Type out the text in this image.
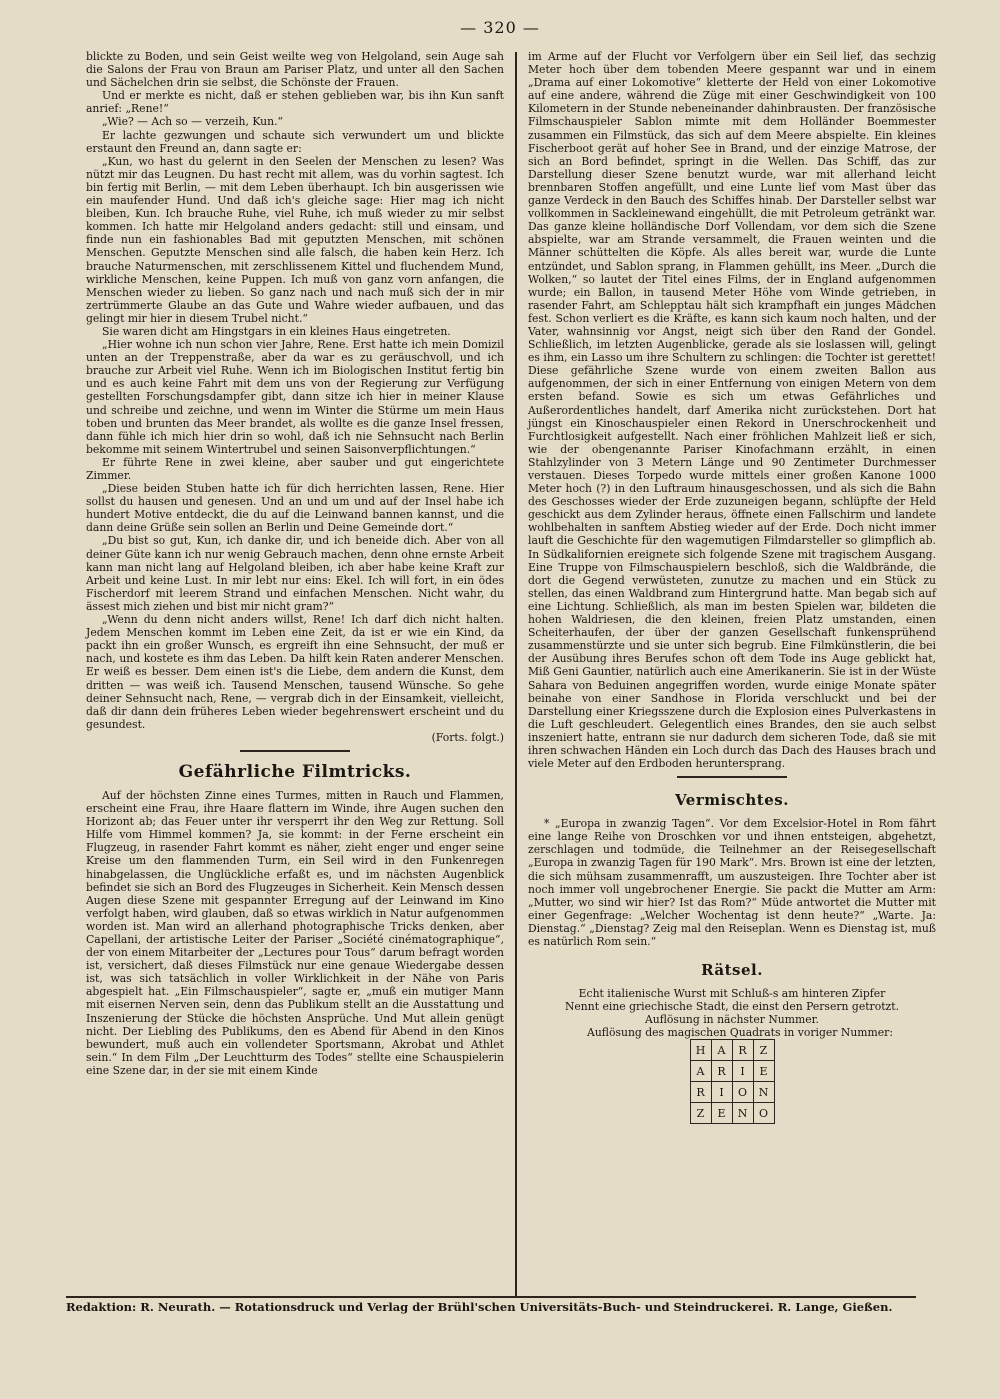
— 320 —

blickte zu Boden, und sein Geist weilte weg von Helgoland, sein Auge sah die Salons der Frau von Braun am Pariser Platz, und unter all den Sachen und Sächelchen drin sie selbst, die Schönste der Frauen.

Und er merkte es nicht, daß er stehen geblieben war, bis ihn Kun sanft anrief: „Rene!“

„Wie? — Ach so — verzeih, Kun.“

Er lachte gezwungen und schaute sich verwundert um und blickte erstaunt den Freund an, dann sagte er:

„Kun, wo hast du gelernt in den Seelen der Menschen zu lesen? Was nützt mir das Leugnen. Du hast recht mit allem, was du vorhin sagtest. Ich bin fertig mit Berlin, — mit dem Leben überhaupt. Ich bin ausgerissen wie ein maufender Hund. Und daß ich's gleiche sage: Hier mag ich nicht bleiben, Kun. Ich brauche Ruhe, viel Ruhe, ich muß wieder zu mir selbst kommen. Ich hatte mir Helgoland anders gedacht: still und einsam, und finde nun ein fashionables Bad mit geputzten Menschen, mit schönen Menschen. Geputzte Menschen sind alle falsch, die haben kein Herz. Ich brauche Naturmenschen, mit zerschlissenem Kittel und fluchendem Mund, wirkliche Menschen, keine Puppen. Ich muß von ganz vorn anfangen, die Menschen wieder zu lieben. So ganz nach und nach muß sich der in mir zertrümmerte Glaube an das Gute und Wahre wieder aufbauen, und das gelingt mir hier in diesem Trubel nicht.“

Sie waren dicht am Hingstgars in ein kleines Haus eingetreten.

„Hier wohne ich nun schon vier Jahre, Rene. Erst hatte ich mein Domizil unten an der Treppenstraße, aber da war es zu geräuschvoll, und ich brauche zur Arbeit viel Ruhe. Wenn ich im Biologischen Institut fertig bin und es auch keine Fahrt mit dem uns von der Regierung zur Verfügung gestellten Forschungsdampfer gibt, dann sitze ich hier in meiner Klause und schreibe und zeichne, und wenn im Winter die Stürme um mein Haus toben und brunten das Meer brandet, als wollte es die ganze Insel fressen, dann fühle ich mich hier drin so wohl, daß ich nie Sehnsucht nach Berlin bekomme mit seinem Wintertrubel und seinen Saisonverpflichtungen.“

Er führte Rene in zwei kleine, aber sauber und gut eingerichtete Zimmer.

„Diese beiden Stuben hatte ich für dich herrichten lassen, Rene. Hier sollst du hausen und genesen. Und an und um und auf der Insel habe ich hundert Motive entdeckt, die du auf die Leinwand bannen kannst, und die dann deine Grüße sein sollen an Berlin und Deine Gemeinde dort.“

„Du bist so gut, Kun, ich danke dir, und ich beneide dich. Aber von all deiner Güte kann ich nur wenig Gebrauch machen, denn ohne ernste Arbeit kann man nicht lang auf Helgoland bleiben, ich aber habe keine Kraft zur Arbeit und keine Lust. In mir lebt nur eins: Ekel. Ich will fort, in ein ödes Fischerdorf mit leerem Strand und einfachen Menschen. Nicht wahr, du ässest mich ziehen und bist mir nicht gram?“

„Wenn du denn nicht anders willst, Rene! Ich darf dich nicht halten. Jedem Menschen kommt im Leben eine Zeit, da ist er wie ein Kind, da packt ihn ein großer Wunsch, es ergreift ihn eine Sehnsucht, der muß er nach, und kostete es ihm das Leben. Da hilft kein Raten anderer Menschen. Er weiß es besser. Dem einen ist's die Liebe, dem andern die Kunst, dem dritten — was weiß ich. Tausend Menschen, tausend Wünsche. So gehe deiner Sehnsucht nach, Rene, — vergrab dich in der Einsamkeit, vielleicht, daß dir dann dein früheres Leben wieder begehrenswert erscheint und du gesundest.

(Forts. folgt.)

Gefährliche Filmtricks.

Auf der höchsten Zinne eines Turmes, mitten in Rauch und Flammen, erscheint eine Frau, ihre Haare flattern im Winde, ihre Augen suchen den Horizont ab; das Feuer unter ihr versperrt ihr den Weg zur Rettung. Soll Hilfe vom Himmel kommen? Ja, sie kommt: in der Ferne erscheint ein Flugzeug, in rasender Fahrt kommt es näher, zieht enger und enger seine Kreise um den flammenden Turm, ein Seil wird in den Funkenregen hinabgelassen, die Unglückliche erfaßt es, und im nächsten Augenblick befindet sie sich an Bord des Flugzeuges in Sicherheit. Kein Mensch dessen Augen diese Szene mit gespannter Erregung auf der Leinwand im Kino verfolgt haben, wird glauben, daß so etwas wirklich in Natur aufgenommen worden ist. Man wird an allerhand photographische Tricks denken, aber Capellani, der artistische Leiter der Pariser „Société cinématographique“, der von einem Mitarbeiter der „Lectures pour Tous“ darum befragt worden ist, versichert, daß dieses Filmstück nur eine genaue Wiedergabe dessen ist, was sich tatsächlich in voller Wirklichkeit in der Nähe von Paris abgespielt hat. „Ein Filmschauspieler“, sagte er, „muß ein mutiger Mann mit eisernen Nerven sein, denn das Publikum stellt an die Ausstattung und Inszenierung der Stücke die höchsten Ansprüche. Und Mut allein genügt nicht. Der Liebling des Publikums, den es Abend für Abend in den Kinos bewundert, muß auch ein vollendeter Sportsmann, Akrobat und Athlet sein.“ In dem Film „Der Leuchtturm des Todes“ stellte eine Schauspielerin eine Szene dar, in der sie mit einem Kinde

im Arme auf der Flucht vor Verfolgern über ein Seil lief, das sechzig Meter hoch über dem tobenden Meere gespannt war und in einem „Drama auf einer Lokomotive“ kletterte der Held von einer Lokomotive auf eine andere, während die Züge mit einer Geschwindigkeit von 100 Kilometern in der Stunde nebeneinander dahinbrausten. Der französische Filmschauspieler Sablon mimte mit dem Holländer Boemmester zusammen ein Filmstück, das sich auf dem Meere abspielte. Ein kleines Fischerboot gerät auf hoher See in Brand, und der einzige Matrose, der sich an Bord befindet, springt in die Wellen. Das Schiff, das zur Darstellung dieser Szene benutzt wurde, war mit allerhand leicht brennbaren Stoffen angefüllt, und eine Lunte lief vom Mast über das ganze Verdeck in den Bauch des Schiffes hinab. Der Darsteller selbst war vollkommen in Sackleinewand eingehüllt, die mit Petroleum getränkt war. Das ganze kleine holländische Dorf Vollendam, vor dem sich die Szene abspielte, war am Strande versammelt, die Frauen weinten und die Männer schüttelten die Köpfe. Als alles bereit war, wurde die Lunte entzündet, und Sablon sprang, in Flammen gehüllt, ins Meer. „Durch die Wolken,“ so lautet der Titel eines Films, der in England aufgenommen wurde; ein Ballon, in tausend Meter Höhe vom Winde getrieben, in rasender Fahrt, am Schlepptau hält sich krampfhaft ein junges Mädchen fest. Schon verliert es die Kräfte, es kann sich kaum noch halten, und der Vater, wahnsinnig vor Angst, neigt sich über den Rand der Gondel. Schließlich, im letzten Augenblicke, gerade als sie loslassen will, gelingt es ihm, ein Lasso um ihre Schultern zu schlingen: die Tochter ist gerettet! Diese gefährliche Szene wurde von einem zweiten Ballon aus aufgenommen, der sich in einer Entfernung von einigen Metern von dem ersten befand. Sowie es sich um etwas Gefährliches und Außerordentliches handelt, darf Amerika nicht zurückstehen. Dort hat jüngst ein Kinoschauspieler einen Rekord in Unerschrockenheit und Furchtlosigkeit aufgestellt. Nach einer fröhlichen Mahlzeit ließ er sich, wie der obengenannte Pariser Kinofachmann erzählt, in einen Stahlzylinder von 3 Metern Länge und 90 Zentimeter Durchmesser verstauen. Dieses Torpedo wurde mittels einer großen Kanone 1000 Meter hoch (?) in den Luftraum hinausgeschossen, und als sich die Bahn des Geschosses wieder der Erde zuzuneigen begann, schlüpfte der Held geschickt aus dem Zylinder heraus, öffnete einen Fallschirm und landete wohlbehalten in sanftem Abstieg wieder auf der Erde. Doch nicht immer lauft die Geschichte für den wagemutigen Filmdarsteller so glimpflich ab. In Südkalifornien ereignete sich folgende Szene mit tragischem Ausgang. Eine Truppe von Filmschauspielern beschloß, sich die Waldbrände, die dort die Gegend verwüsteten, zunutze zu machen und ein Stück zu stellen, das einen Waldbrand zum Hintergrund hatte. Man begab sich auf eine Lichtung. Schließlich, als man im besten Spielen war, bildeten die hohen Waldriesen, die den kleinen, freien Platz umstanden, einen Scheiterhaufen, der über der ganzen Gesellschaft funkensprühend zusammenstürzte und sie unter sich begrub. Eine Filmkünstlerin, die bei der Ausübung ihres Berufes schon oft dem Tode ins Auge geblickt hat, Miß Geni Gauntier, natürlich auch eine Amerikanerin. Sie ist in der Wüste Sahara von Beduinen angegriffen worden, wurde einige Monate später beinahe von einer Sandhose in Florida verschluckt und bei der Darstellung einer Kriegsszene durch die Explosion eines Pulverkastens in die Luft geschleudert. Gelegentlich eines Brandes, den sie auch selbst inszeniert hatte, entrann sie nur dadurch dem sicheren Tode, daß sie mit ihren schwachen Händen ein Loch durch das Dach des Hauses brach und viele Meter auf den Erdboden heruntersprang.

Vermischtes.

* „Europa in zwanzig Tagen“. Vor dem Excelsior-Hotel in Rom fährt eine lange Reihe von Droschken vor und ihnen entsteigen, abgehetzt, zerschlagen und todmüde, die Teilnehmer an der Reisegesellschaft „Europa in zwanzig Tagen für 190 Mark“. Mrs. Brown ist eine der letzten, die sich mühsam zusammenrafft, um auszusteigen. Ihre Tochter aber ist noch immer voll ungebrochener Energie. Sie packt die Mutter am Arm: „Mutter, wo sind wir hier? Ist das Rom?“ Müde antwortet die Mutter mit einer Gegenfrage: „Welcher Wochentag ist denn heute?“ „Warte. Ja: Dienstag.“ „Dienstag? Zeig mal den Reiseplan. Wenn es Dienstag ist, muß es natürlich Rom sein.“

Rätsel.

Echt italienische Wurst mit Schluß-s am hinteren Zipfer

Nennt eine griechische Stadt, die einst den Persern getrotzt.

Auflösung in nächster Nummer.

Auflösung des magischen Quadrats in voriger Nummer:

H	A	R	Z
A	R	I	E
R	I	O	N
Z	E	N	O
Redaktion: R. Neurath. — Rotationsdruck und Verlag der Brühl'schen Universitäts-Buch- und Steindruckerei. R. Lange, Gießen.
